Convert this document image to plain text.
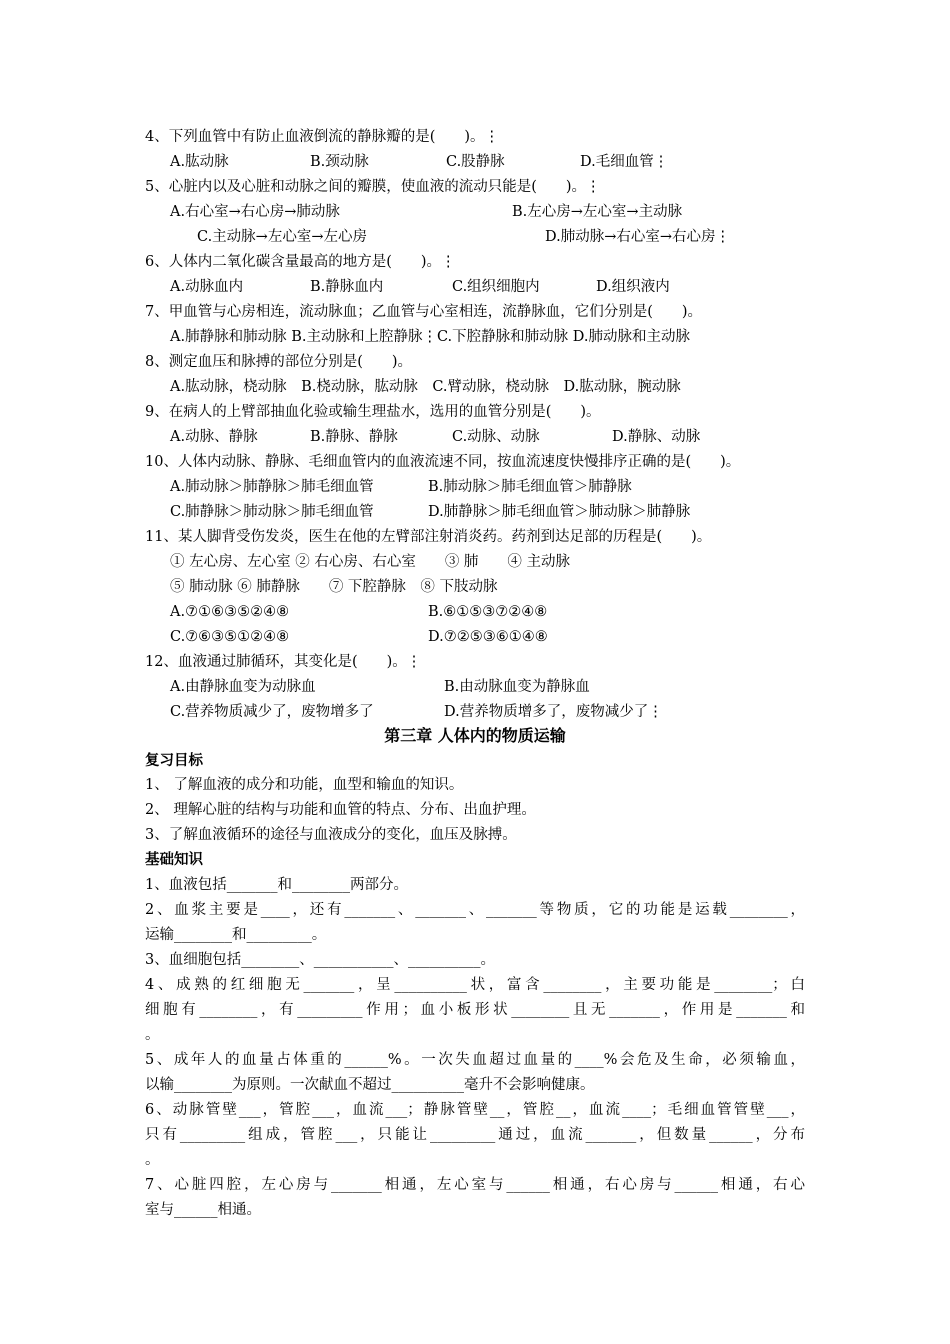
4、下列血管中有防止血液倒流的静脉瓣的是(　　)。⋮
A.肱动脉	B.颈动脉	C.股静脉	D.毛细血管⋮
5、心脏内以及心脏和动脉之间的瓣膜，使血液的流动只能是(　　)。⋮
A.右心室→右心房→肺动脉	B.左心房→左心室→主动脉
C.主动脉→左心室→左心房	D.肺动脉→右心室→右心房⋮
6、人体内二氧化碳含量最高的地方是(　　)。⋮
A.动脉血内	B.静脉血内	C.组织细胞内	D.组织液内
7、甲血管与心房相连，流动脉血；乙血管与心室相连，流静脉血，它们分别是(　　)。
A.肺静脉和肺动脉 B.主动脉和上腔静脉⋮C.下腔静脉和肺动脉 D.肺动脉和主动脉
8、测定血压和脉搏的部位分别是(　　)。
A.肱动脉，桡动脉　B.桡动脉，肱动脉　C.臂动脉，桡动脉　D.肱动脉，腕动脉
9、在病人的上臂部抽血化验或输生理盐水，选用的血管分别是(　　)。
A.动脉、静脉	B.静脉、静脉	C.动脉、动脉	D.静脉、动脉
10、人体内动脉、静脉、毛细血管内的血液流速不同，按血流速度快慢排序正确的是(　　)。
A.肺动脉＞肺静脉＞肺毛细血管	B.肺动脉＞肺毛细血管＞肺静脉
C.肺静脉＞肺动脉＞肺毛细血管	D.肺静脉＞肺毛细血管＞肺动脉＞肺静脉
11、某人脚背受伤发炎，医生在他的左臂部注射消炎药。药剂到达足部的历程是(　　)。
① 左心房、左心室 ② 右心房、右心室　　③ 肺　　④ 主动脉
⑤ 肺动脉 ⑥ 肺静脉　　⑦ 下腔静脉　⑧ 下肢动脉
A.⑦①⑥③⑤②④⑧	B.⑥①⑤③⑦②④⑧
C.⑦⑥③⑤①②④⑧	D.⑦②⑤③⑥①④⑧
12、血液通过肺循环，其变化是(　　)。⋮
A.由静脉血变为动脉血	B.由动脉血变为静脉血
C.营养物质减少了，废物增多了	D.营养物质增多了，废物减少了⋮
第三章 人体内的物质运输
复习目标
1、 了解血液的成分和功能，血型和输血的知识。
2、 理解心脏的结构与功能和血管的特点、分布、出血护理。
3、了解血液循环的途径与血液成分的变化，血压及脉搏。
基础知识
1、血液包括_______和________两部分。
2、血浆主要是____，还有_______、_______、_______等物质，它的功能是运载________，
运输________和_________。
3、血细胞包括________、___________、__________。
4、成熟的红细胞无_______，呈__________状，富含________，主要功能是________；白
细胞有________，有_________作用；血小板形状________且无_______，作用是_______和
。
5、成年人的血量占体重的______%。一次失血超过血量的____%会危及生命，必须输血，
以输________为原则。一次献血不超过__________毫升不会影响健康。
6、动脉管壁___，管腔___，血流___；静脉管壁__，管腔__，血流____；毛细血管管壁___，
只有_________组成，管腔___，只能让_________通过，血流_______，但数量______，分布
。
7、心脏四腔，左心房与_______相通，左心室与______相通，右心房与______相通，右心
室与______相通。
